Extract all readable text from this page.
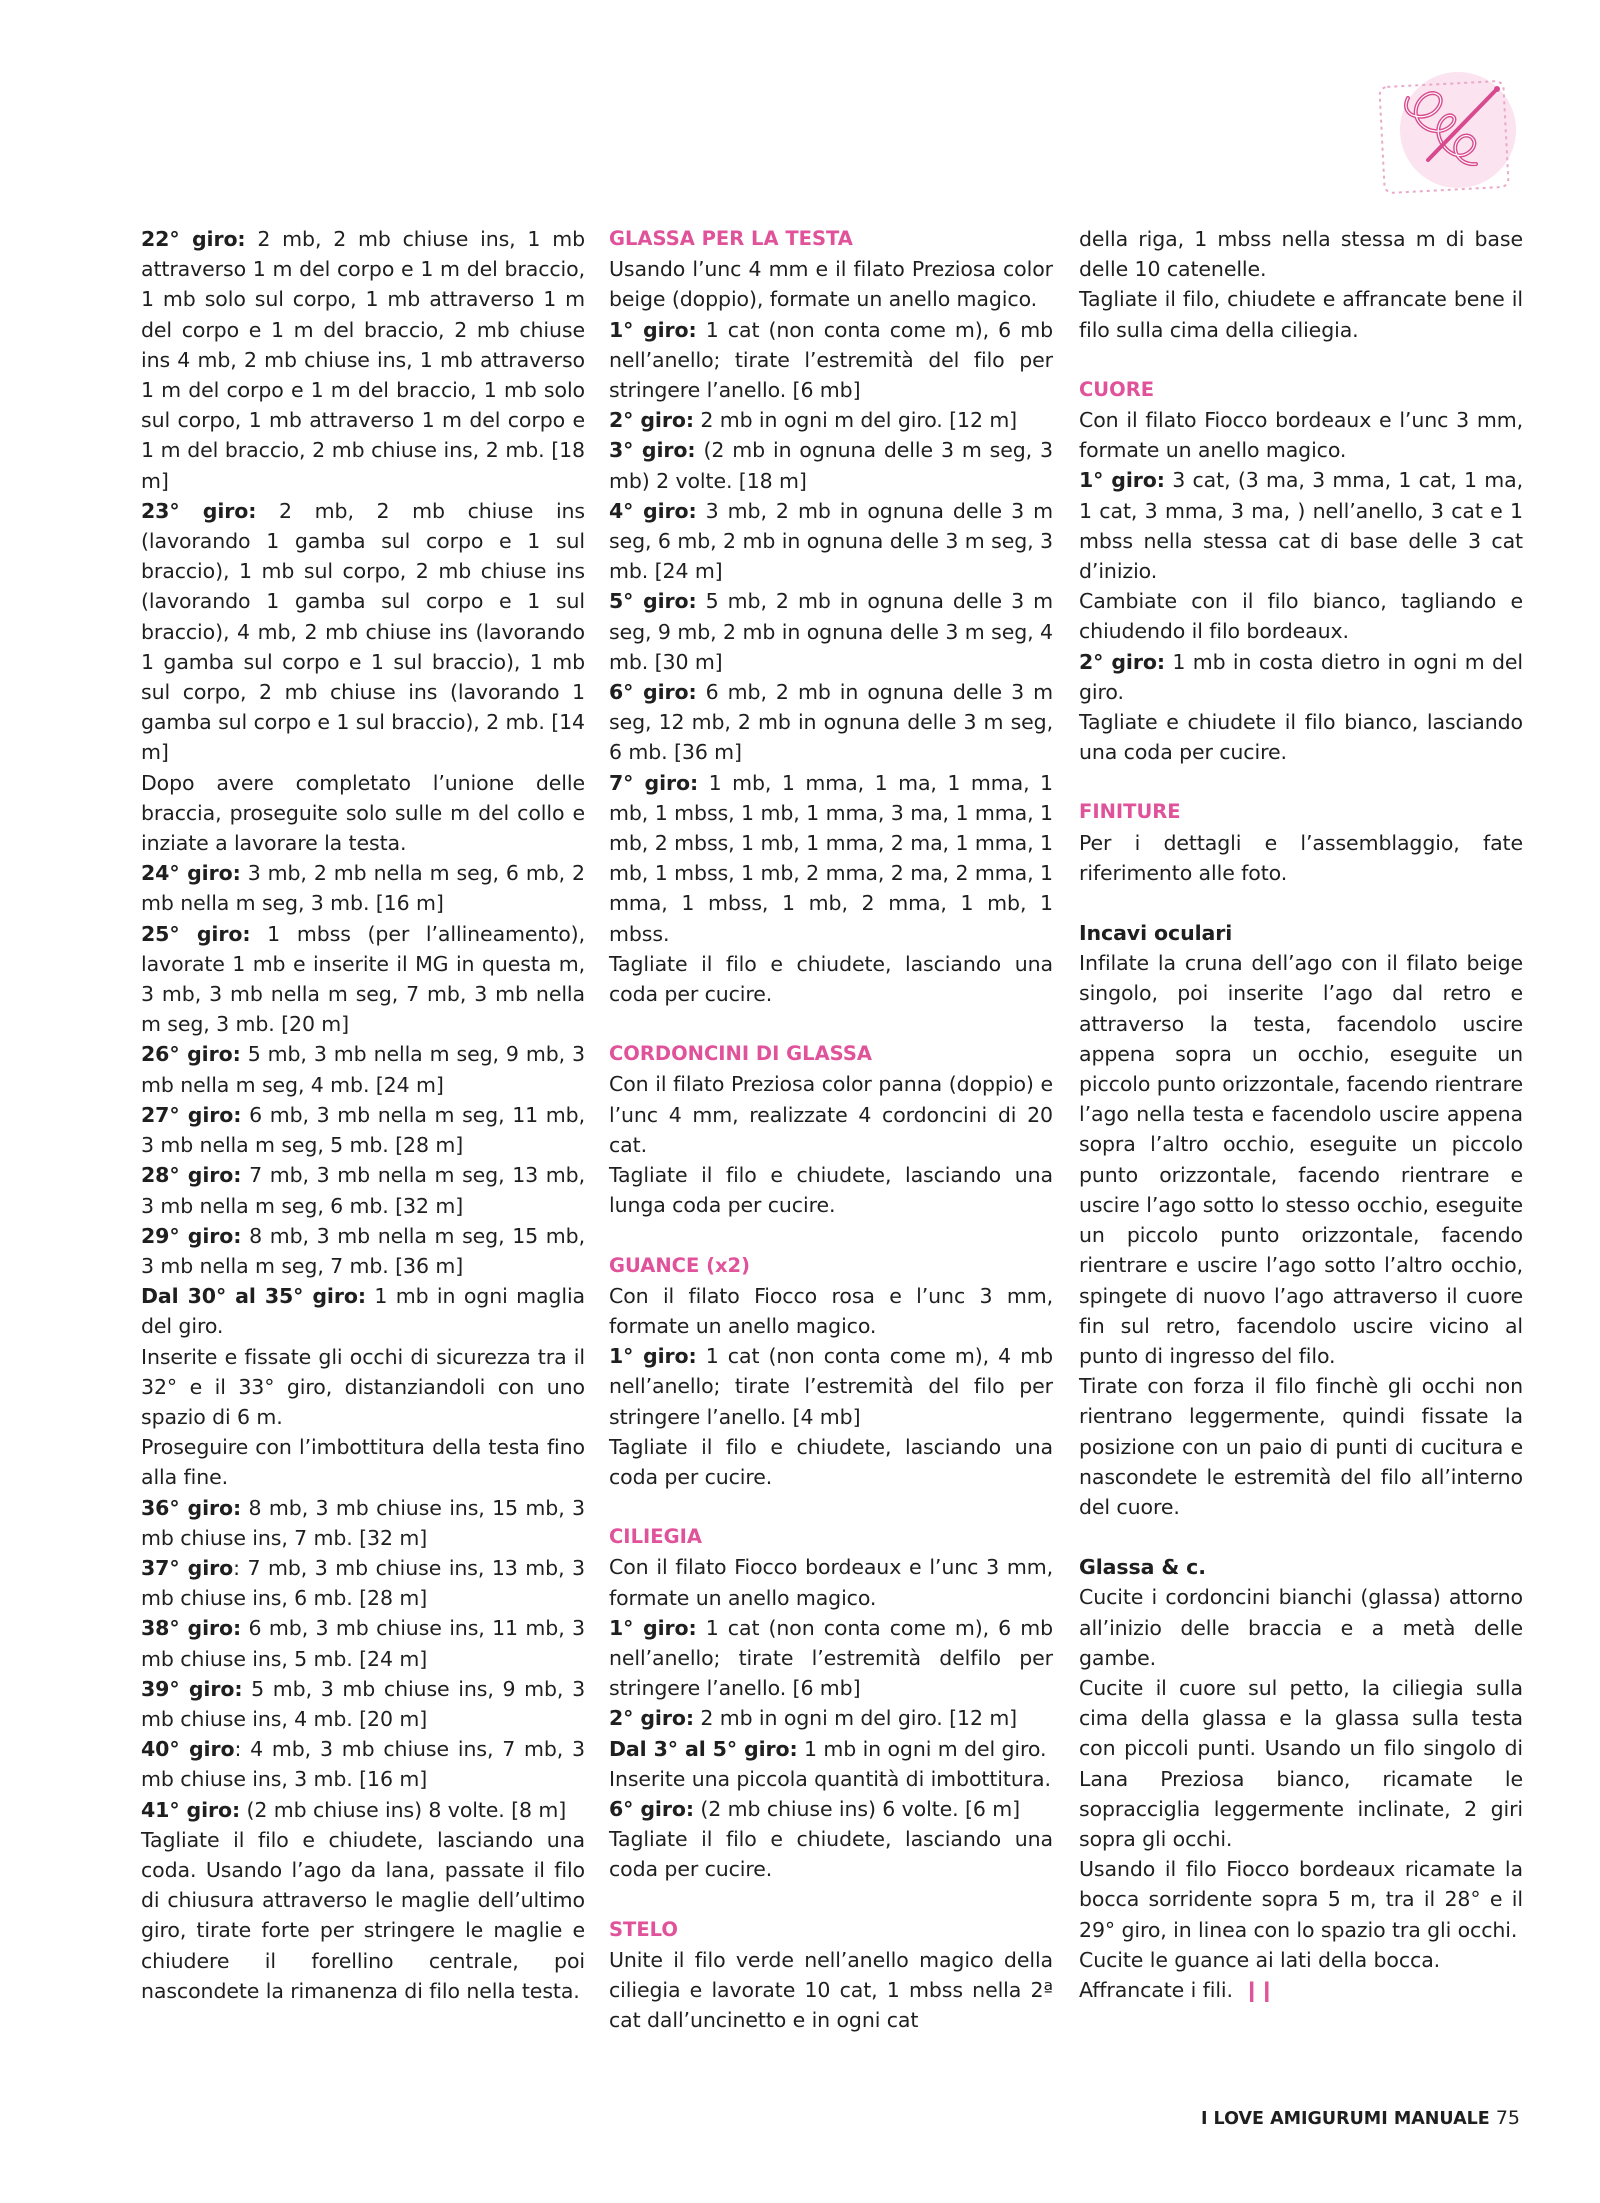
22° giro: 2 mb, 2 mb chiuse ins, 1 mb attraverso 1 m del corpo e 1 m del braccio, 1 mb solo sul corpo, 1 mb attraverso 1 m del corpo e 1 m del braccio, 2 mb chiuse ins 4 mb, 2 mb chiuse ins, 1 mb attraverso 1 m del corpo e 1 m del braccio, 1 mb solo sul corpo, 1 mb attraverso 1 m del corpo e 1 m del braccio, 2 mb chiuse ins, 2 mb. [18 m]

23° giro: 2 mb, 2 mb chiuse ins (lavorando 1 gamba sul corpo e 1 sul braccio), 1 mb sul corpo, 2 mb chiuse ins (lavorando 1 gamba sul corpo e 1 sul braccio), 4 mb, 2 mb chiuse ins (lavorando 1 gamba sul corpo e 1 sul braccio), 1 mb sul corpo, 2 mb chiuse ins (lavorando 1 gamba sul corpo e 1 sul braccio), 2 mb. [14 m]

Dopo avere completato l’unione delle braccia, proseguite solo sulle m del collo e inziate a lavorare la testa.

24° giro: 3 mb, 2 mb nella m seg, 6 mb, 2 mb nella m seg, 3 mb. [16 m]

25° giro: 1 mbss (per l’allineamento), lavorate 1 mb e inserite il MG in questa m, 3 mb, 3 mb nella m seg, 7 mb, 3 mb nella m seg, 3 mb. [20 m]

26° giro: 5 mb, 3 mb nella m seg, 9 mb, 3 mb nella m seg, 4 mb. [24 m]

27° giro: 6 mb, 3 mb nella m seg, 11 mb, 3 mb nella m seg, 5 mb. [28 m]

28° giro: 7 mb, 3 mb nella m seg, 13 mb, 3 mb nella m seg, 6 mb. [32 m]

29° giro: 8 mb, 3 mb nella m seg, 15 mb, 3 mb nella m seg, 7 mb. [36 m]

Dal 30° al 35° giro: 1 mb in ogni maglia del giro.

Inserite e fissate gli occhi di sicurezza tra il 32° e il 33° giro, distanziandoli con uno spazio di 6 m.

Proseguire con l’imbottitura della testa fino alla fine.

36° giro: 8 mb, 3 mb chiuse ins, 15 mb, 3 mb chiuse ins, 7 mb. [32 m]

37° giro: 7 mb, 3 mb chiuse ins, 13 mb, 3 mb chiuse ins, 6 mb. [28 m]

38° giro: 6 mb, 3 mb chiuse ins, 11 mb, 3 mb chiuse ins, 5 mb. [24 m]

39° giro: 5 mb, 3 mb chiuse ins, 9 mb, 3 mb chiuse ins, 4 mb. [20 m]

40° giro: 4 mb, 3 mb chiuse ins, 7 mb, 3 mb chiuse ins, 3 mb. [16 m]

41° giro: (2 mb chiuse ins) 8 volte. [8 m]

Tagliate il filo e chiudete, lasciando una coda. Usando l’ago da lana, passate il filo di chiusura attraverso le maglie dell’ultimo giro, tirate forte per stringere le maglie e chiudere il forellino centrale, poi nascondete la rimanenza di filo nella testa.

GLASSA PER LA TESTA

Usando l’unc 4 mm e il filato Preziosa color beige (doppio), formate un anello magico.

1° giro: 1 cat (non conta come m), 6 mb nell’anello; tirate l’estremità del filo per stringere l’anello. [6 mb]

2° giro: 2 mb in ogni m del giro. [12 m]

3° giro: (2 mb in ognuna delle 3 m seg, 3 mb) 2 volte. [18 m]

4° giro: 3 mb, 2 mb in ognuna delle 3 m seg, 6 mb, 2 mb in ognuna delle 3 m seg, 3 mb. [24 m]

5° giro: 5 mb, 2 mb in ognuna delle 3 m seg, 9 mb, 2 mb in ognuna delle 3 m seg, 4 mb. [30 m]

6° giro: 6 mb, 2 mb in ognuna delle 3 m seg, 12 mb, 2 mb in ognuna delle 3 m seg, 6 mb. [36 m]

7° giro: 1 mb, 1 mma, 1 ma, 1 mma, 1 mb, 1 mbss, 1 mb, 1 mma, 3 ma, 1 mma, 1 mb, 2 mbss, 1 mb, 1 mma, 2 ma, 1 mma, 1 mb, 1 mbss, 1 mb, 2 mma, 2 ma, 2 mma, 1 mma, 1 mbss, 1 mb, 2 mma, 1 mb, 1 mbss.

Tagliate il filo e chiudete, lasciando una coda per cucire.

CORDONCINI DI GLASSA

Con il filato Preziosa color panna (doppio) e l’unc 4 mm, realizzate 4 cordoncini di 20 cat.

Tagliate il filo e chiudete, lasciando una lunga coda per cucire.

GUANCE (x2)

Con il filato Fiocco rosa e l’unc 3 mm, formate un anello magico.

1° giro: 1 cat (non conta come m), 4 mb nell’anello; tirate l’estremità del filo per stringere l’anello. [4 mb]

Tagliate il filo e chiudete, lasciando una coda per cucire.

CILIEGIA

Con il filato Fiocco bordeaux e l’unc 3 mm, formate un anello magico.

1° giro: 1 cat (non conta come m), 6 mb nell’anello; tirate l’estremità delfilo per stringere l’anello. [6 mb]

2° giro: 2 mb in ogni m del giro. [12 m]

Dal 3° al 5° giro: 1 mb in ogni m del giro.

Inserite una piccola quantità di imbottitura.

6° giro: (2 mb chiuse ins) 6 volte. [6 m]

Tagliate il filo e chiudete, lasciando una coda per cucire.

STELO

Unite il filo verde nell’anello magico della ciliegia e lavorate 10 cat, 1 mbss nella 2ª cat dall’uncinetto e in ogni cat

della riga, 1 mbss nella stessa m di base delle 10 catenelle.

Tagliate il filo, chiudete e affrancate bene il filo sulla cima della ciliegia.

CUORE

Con il filato Fiocco bordeaux e l’unc 3 mm, formate un anello magico.

1° giro: 3 cat, (3 ma, 3 mma, 1 cat, 1 ma, 1 cat, 3 mma, 3 ma, ) nell’anello, 3 cat e 1 mbss nella stessa cat di base delle 3 cat d’inizio.

Cambiate con il filo bianco, tagliando e chiudendo il filo bordeaux.

2° giro: 1 mb in costa dietro in ogni m del giro.

Tagliate e chiudete il filo bianco, lasciando una coda per cucire.

FINITURE

Per i dettagli e l’assemblaggio, fate riferimento alle foto.

Incavi oculari

Infilate la cruna dell’ago con il filato beige singolo, poi inserite l’ago dal retro e attraverso la testa, facendolo uscire appena sopra un occhio, eseguite un piccolo punto orizzontale, facendo rientrare l’ago nella testa e facendolo uscire appena sopra l’altro occhio, eseguite un piccolo punto orizzontale, facendo rientrare e uscire l’ago sotto lo stesso occhio, eseguite un piccolo punto orizzontale, facendo rientrare e uscire l’ago sotto l’altro occhio, spingete di nuovo l’ago attraverso il cuore fin sul retro, facendolo uscire vicino al punto di ingresso del filo.

Tirate con forza il filo finchè gli occhi non rientrano leggermente, quindi fissate la posizione con un paio di punti di cucitura e nascondete le estremità del filo all’interno del cuore.

Glassa & c.

Cucite i cordoncini bianchi (glassa) attorno all’inizio delle braccia e a metà delle gambe.

Cucite il cuore sul petto, la ciliegia sulla cima della glassa e la glassa sulla testa con piccoli punti. Usando un filo singolo di Lana Preziosa bianco, ricamate le sopracciglia leggermente inclinate, 2 giri sopra gli occhi.

Usando il filo Fiocco bordeaux ricamate la bocca sorridente sopra 5 m, tra il 28° e il 29° giro, in linea con lo spazio tra gli occhi.

Cucite le guance ai lati della bocca.

Affrancate i fili. ❙❙

I LOVE AMIGURUMI MANUALE 75
